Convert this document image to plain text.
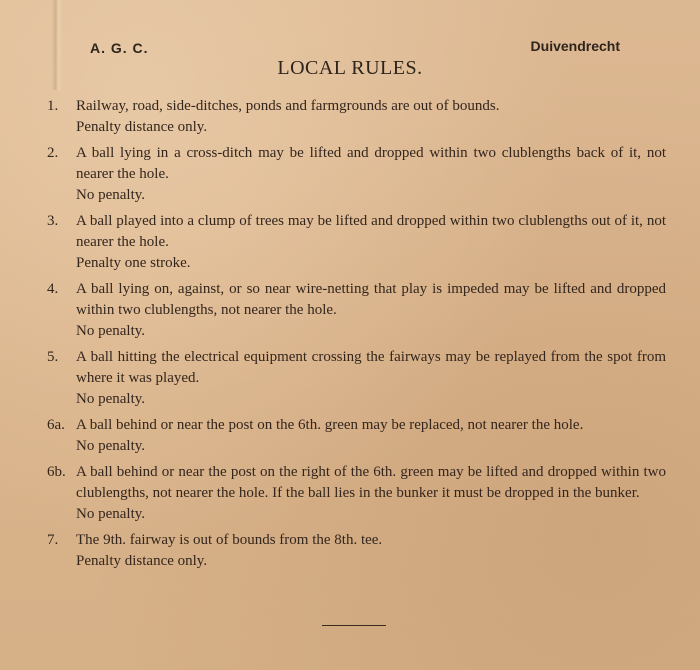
A. G. C.	Duivendrecht
LOCAL RULES.
1.	Railway, road, side-ditches, ponds and farmgrounds are out of bounds.
Penalty distance only.
2.	A ball lying in a cross-ditch may be lifted and dropped within two clublengths back of it, not nearer the hole.
No penalty.
3.	A ball played into a clump of trees may be lifted and dropped within two clublengths out of it, not nearer the hole.
Penalty one stroke.
4.	A ball lying on, against, or so near wire-netting that play is impeded may be lifted and dropped within two clublengths, not nearer the hole.
No penalty.
5.	A ball hitting the electrical equipment crossing the fairways may be replayed from the spot from where it was played.
No penalty.
6a. A ball behind or near the post on the 6th. green may be replaced, not nearer the hole.
No penalty.
6b. A ball behind or near the post on the right of the 6th. green may be lifted and dropped within two clublengths, not nearer the hole. If the ball lies in the bunker it must be dropped in the bunker.
No penalty.
7.	The 9th. fairway is out of bounds from the 8th. tee.
Penalty distance only.
